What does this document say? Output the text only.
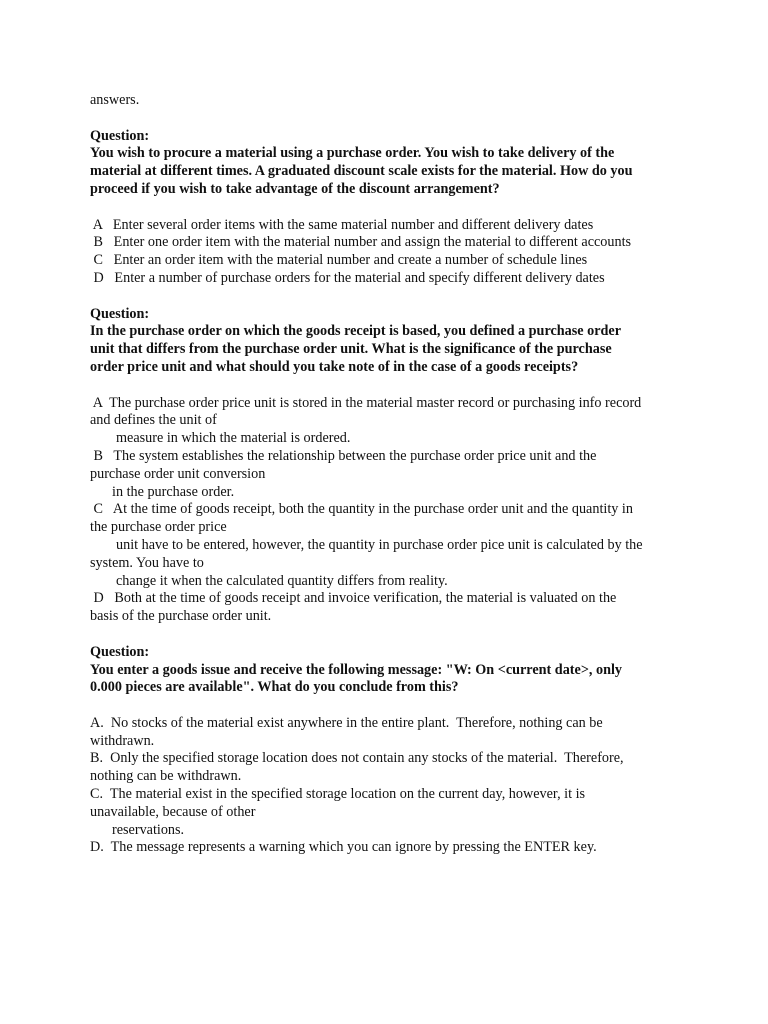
answers.
Question:
You wish to procure a material using a purchase order. You wish to take delivery of the
material at different times. A graduated discount scale exists for the material. How do you
proceed if you wish to take advantage of the discount arrangement?
A   Enter several order items with the same material number and different delivery dates
B   Enter one order item with the material number and assign the material to different accounts
C   Enter an order item with the material number and create a number of schedule lines
D   Enter a number of purchase orders for the material and specify different delivery dates
Question:
In the purchase order on which the goods receipt is based, you defined a purchase order
unit that differs from the purchase order unit. What is the significance of the purchase
order price unit and what should you take note of in the case of a goods receipts?
A  The purchase order price unit is stored in the material master record or purchasing info record
and defines the unit of
measure in which the material is ordered.
B   The system establishes the relationship between the purchase order price unit and the
purchase order unit conversion
in the purchase order.
C   At the time of goods receipt, both the quantity in the purchase order unit and the quantity in
the purchase order price
unit have to be entered, however, the quantity in purchase order pice unit is calculated by the
system. You have to
change it when the calculated quantity differs from reality.
D   Both at the time of goods receipt and invoice verification, the material is valuated on the
basis of the purchase order unit.
Question:
You enter a goods issue and receive the following message: "W: On <current date>, only
0.000 pieces are available". What do you conclude from this?
A.  No stocks of the material exist anywhere in the entire plant.  Therefore, nothing can be
withdrawn.
B.  Only the specified storage location does not contain any stocks of the material.  Therefore,
nothing can be withdrawn.
C.  The material exist in the specified storage location on the current day, however, it is
unavailable, because of other
reservations.
D.  The message represents a warning which you can ignore by pressing the ENTER key.
